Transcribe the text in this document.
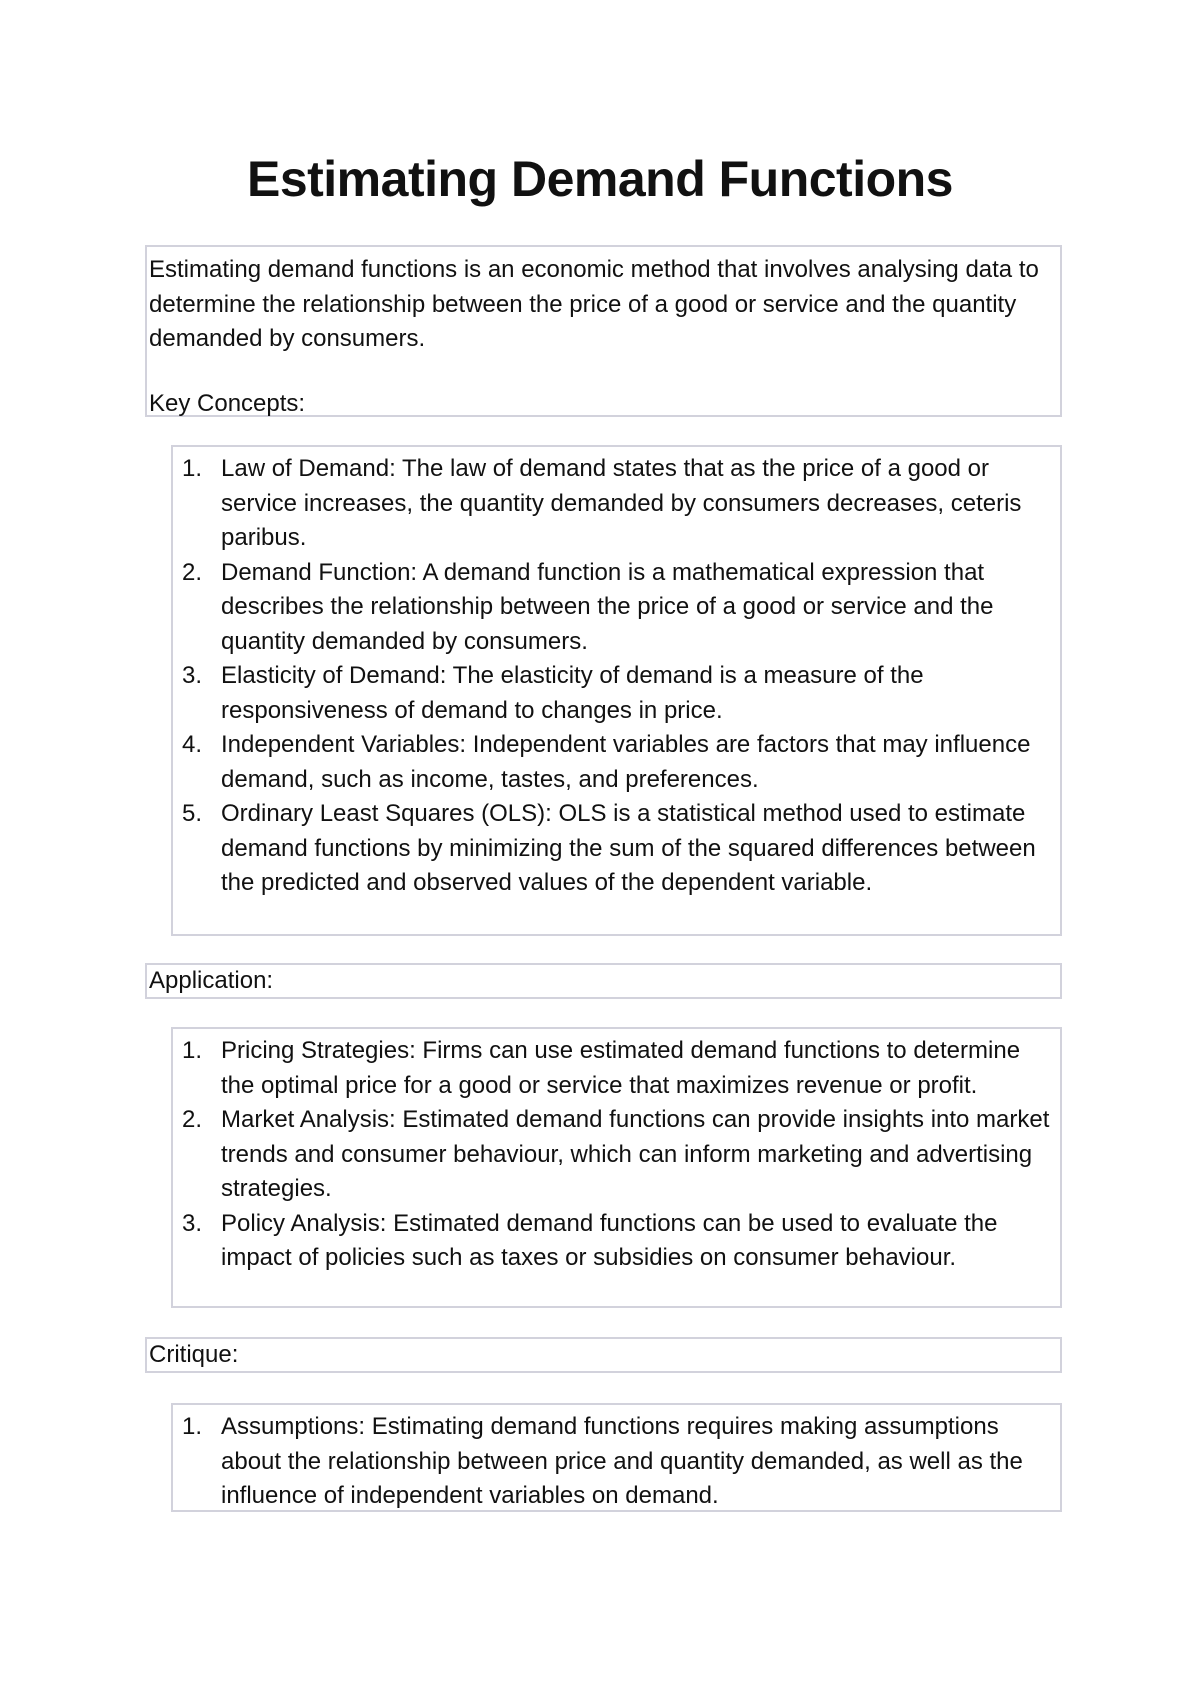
Estimating Demand Functions

Estimating demand functions is an economic method that involves analysing data to determine the relationship between the price of a good or service and the quantity demanded by consumers.

Key Concepts:

1. Law of Demand: The law of demand states that as the price of a good or service increases, the quantity demanded by consumers decreases, ceteris paribus.
2. Demand Function: A demand function is a mathematical expression that describes the relationship between the price of a good or service and the quantity demanded by consumers.
3. Elasticity of Demand: The elasticity of demand is a measure of the responsiveness of demand to changes in price.
4. Independent Variables: Independent variables are factors that may influence demand, such as income, tastes, and preferences.
5. Ordinary Least Squares (OLS): OLS is a statistical method used to estimate demand functions by minimizing the sum of the squared differences between the predicted and observed values of the dependent variable.

Application:

1. Pricing Strategies: Firms can use estimated demand functions to determine the optimal price for a good or service that maximizes revenue or profit.
2. Market Analysis: Estimated demand functions can provide insights into market trends and consumer behaviour, which can inform marketing and advertising strategies.
3. Policy Analysis: Estimated demand functions can be used to evaluate the impact of policies such as taxes or subsidies on consumer behaviour.

Critique:

1. Assumptions: Estimating demand functions requires making assumptions about the relationship between price and quantity demanded, as well as the influence of independent variables on demand.
